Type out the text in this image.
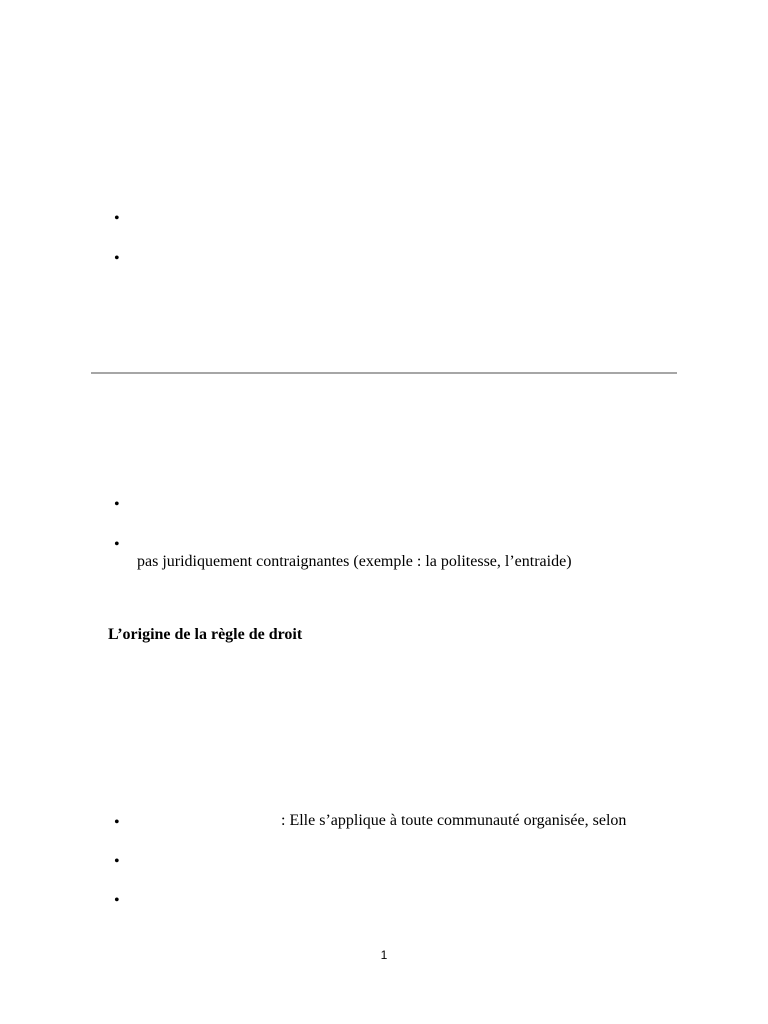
•
•
•
•
pas juridiquement contraignantes (exemple : la politesse, l’entraide)
L’origine de la règle de droit
•	: Elle s’applique à toute communauté organisée, selon
•
•
1
